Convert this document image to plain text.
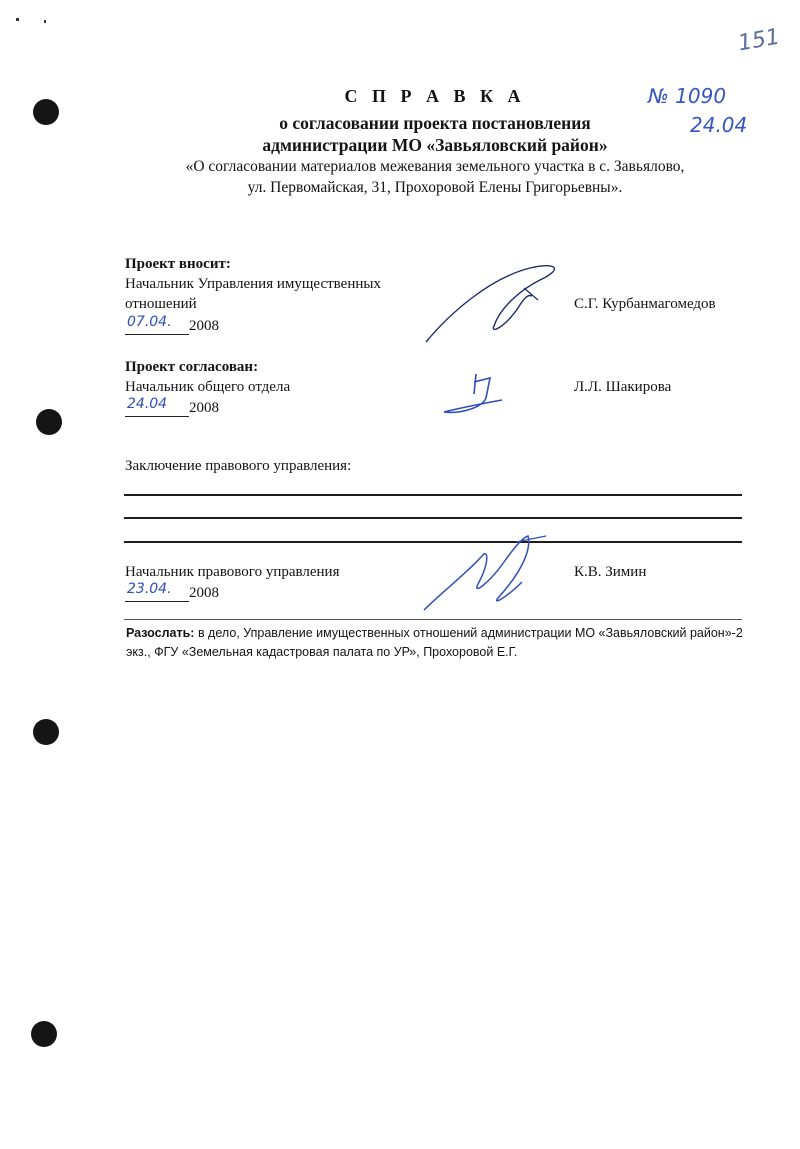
151
№ 1090
24.04
С П Р А В К А
о согласовании проекта постановления
администрации МО «Завьяловский район»
«О согласовании материалов межевания земельного участка в с. Завьялово,
ул. Первомайская, 31, Прохоровой Елены Григорьевны».
Проект вносит:
Начальник Управления имущественных
отношений
07.04. 2008
С.Г. Курбанмагомедов
Проект согласован:
Начальник общего отдела
24.04 2008
Л.Л. Шакирова
Заключение правового управления:
Начальник правового управления
23.04. 2008
К.В. Зимин
Разослать: в дело, Управление имущественных отношений администрации МО «Завьяловский район»-2
экз., ФГУ «Земельная кадастровая палата по УР», Прохоровой Е.Г.
